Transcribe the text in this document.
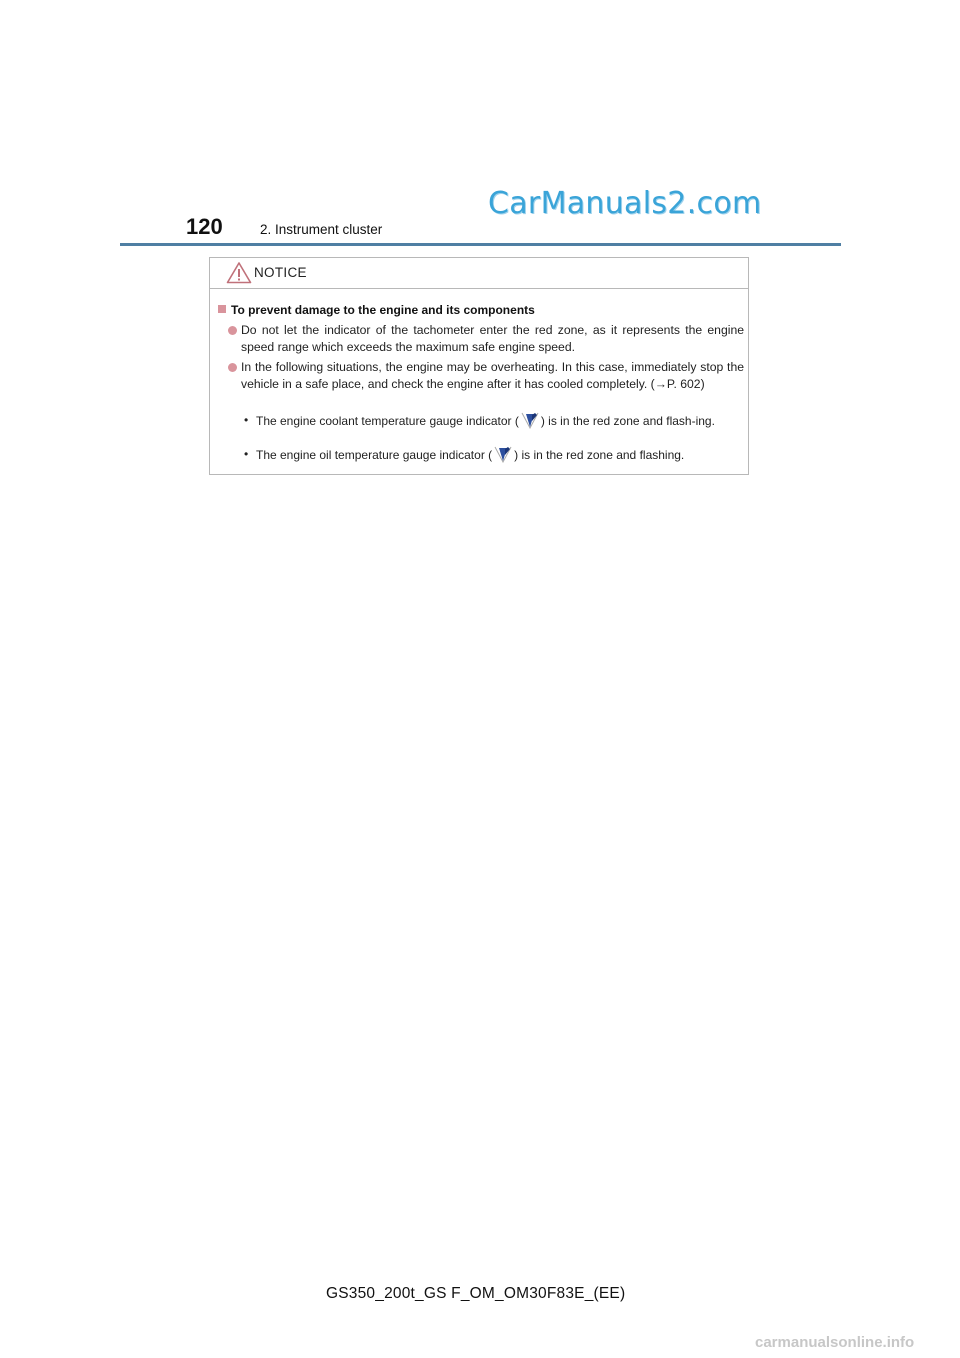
CarManuals2.com
120	2. Instrument cluster
NOTICE
To prevent damage to the engine and its components
Do not let the indicator of the tachometer enter the red zone, as it represents the engine speed range which exceeds the maximum safe engine speed.
In the following situations, the engine may be overheating. In this case, immediately stop the vehicle in a safe place, and check the engine after it has cooled completely. (→P. 602)
• The engine coolant temperature gauge indicator ( ) is in the red zone and flash-ing.
• The engine oil temperature gauge indicator ( ) is in the red zone and flashing.
GS350_200t_GS F_OM_OM30F83E_(EE)
carmanualsonline.info
